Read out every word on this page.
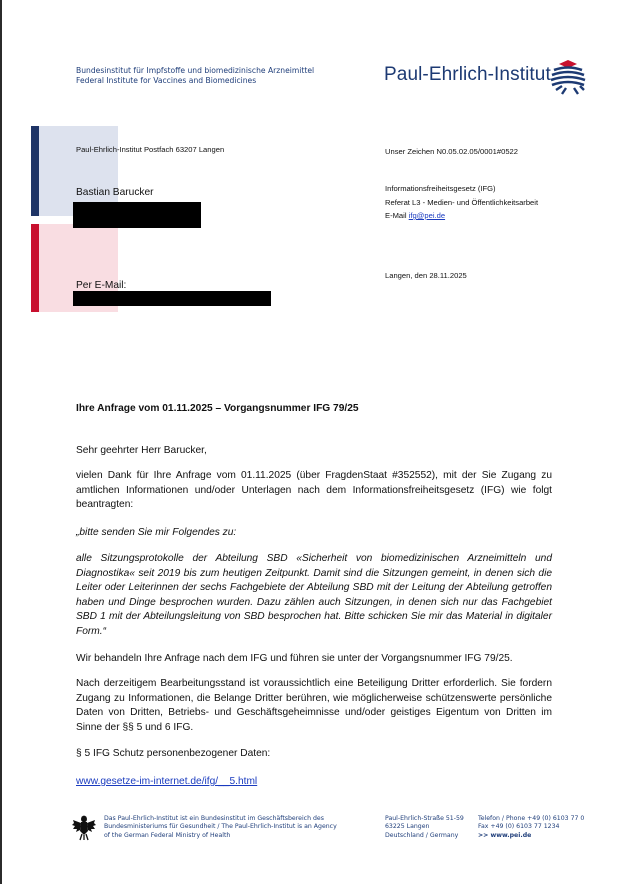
Bundesinstitut für Impfstoffe und biomedizinische Arzneimittel
Federal Institute for Vaccines and Biomedicines	Paul-Ehrlich-Institut
Paul-Ehrlich-Institut Postfach 63207 Langen
Bastian Barucker
Per E-Mail:
Unser Zeichen N0.05.02.05/0001#0522
Informationsfreiheitsgesetz (IFG)
Referat L3 - Medien- und Öffentlichkeitsarbeit
E-Mail ifg@pei.de
Langen, den 28.11.2025
Ihre Anfrage vom 01.11.2025 – Vorgangsnummer IFG 79/25
Sehr geehrter Herr Barucker,
vielen Dank für Ihre Anfrage vom 01.11.2025 (über FragdenStaat #352552), mit der Sie Zugang zu amtlichen Informationen und/oder Unterlagen nach dem Informationsfreiheitsgesetz (IFG) wie folgt beantragten:
„bitte senden Sie mir Folgendes zu:
alle Sitzungsprotokolle der Abteilung SBD «Sicherheit von biomedizinischen Arzneimitteln und Diagnostika« seit 2019 bis zum heutigen Zeitpunkt. Damit sind die Sitzungen gemeint, in denen sich die Leiter oder Leiterinnen der sechs Fachgebiete der Abteilung SBD mit der Leitung der Abteilung getroffen haben und Dinge besprochen wurden. Dazu zählen auch Sitzungen, in denen sich nur das Fachgebiet SBD 1 mit der Abteilungsleitung von SBD besprochen hat. Bitte schicken Sie mir das Material in digitaler Form.“
Wir behandeln Ihre Anfrage nach dem IFG und führen sie unter der Vorgangsnummer IFG 79/25.
Nach derzeitigem Bearbeitungsstand ist voraussichtlich eine Beteiligung Dritter erforderlich. Sie fordern Zugang zu Informationen, die Belange Dritter berühren, wie möglicherweise schützenswerte persönliche Daten von Dritten, Betriebs- und Geschäftsgeheimnisse und/oder geistiges Eigentum von Dritten im Sinne der §§ 5 und 6 IFG.
§ 5 IFG Schutz personenbezogener Daten:
www.gesetze-im-internet.de/ifg/__5.html
Das Paul-Ehrlich-Institut ist ein Bundesinstitut im Geschäftsbereich des
Bundesministeriums für Gesundheit / The Paul-Ehrlich-Institut is an Agency
of the German Federal Ministry of Health
Paul-Ehrlich-Straße 51-59
63225 Langen
Deutschland / Germany
Telefon / Phone +49 (0) 6103 77 0
Fax +49 (0) 6103 77 1234
>> www.pei.de
